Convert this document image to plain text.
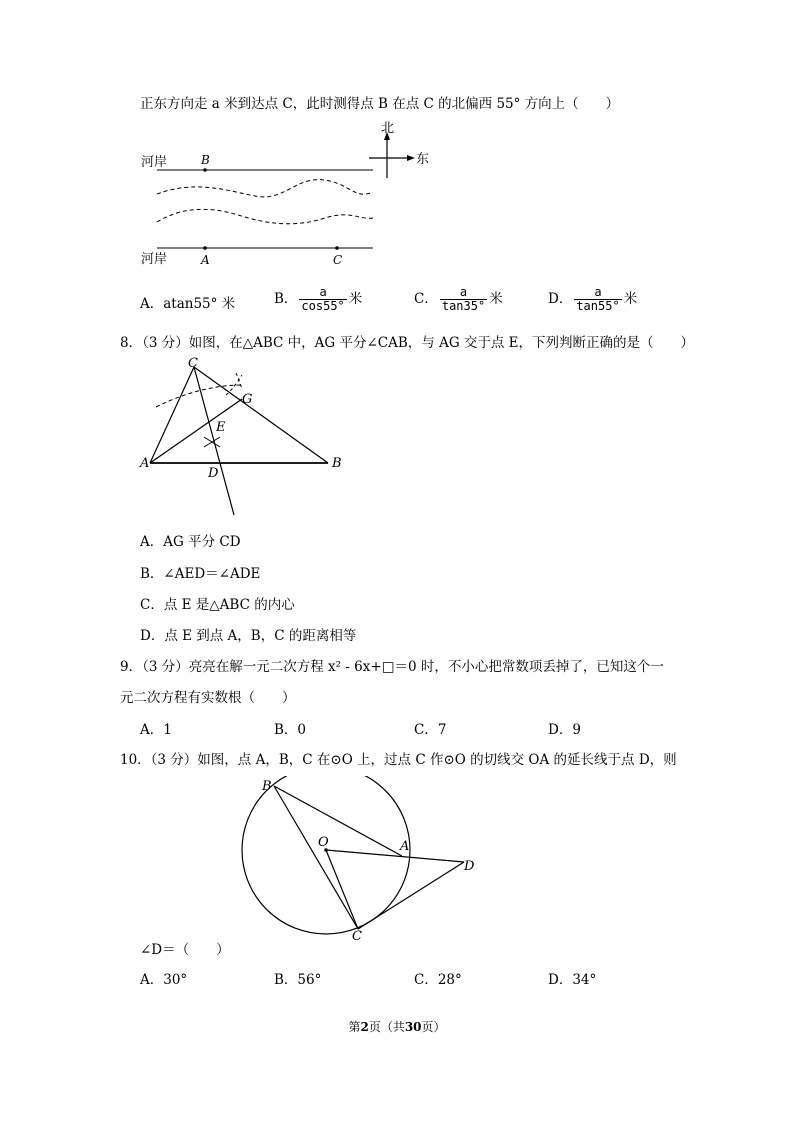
正东方向走 a 米到达点 C，此时测得点 B 在点 C 的北偏西 55° 方向上（　　）
河岸	B
河岸	A	C
北
东
A．atan55° 米	B． $\frac{a}{\cos 55^\circ}$ 米	C． $\frac{a}{\tan 35^\circ}$ 米	D． $\frac{a}{\tan 55^\circ}$ 米
8．（3 分）如图，在△ABC 中，AG 平分∠CAB，与 AG 交于点 E，下列判断正确的是（　　）
C
G
E
A
D
B
A．AG 平分 CD
B．∠AED＝∠ADE
C．点 E 是△ABC 的内心
D．点 E 到点 A，B，C 的距离相等
9．（3 分）亮亮在解一元二次方程 x² - 6x+□＝0 时，不小心把常数项丢掉了，已知这个一
元二次方程有实数根（　　）
A．1	B．0	C．7	D．9
10．（3 分）如图，点 A，B，C 在⊙O 上，过点 C 作⊙O 的切线交 OA 的延长线于点 D，则
B
O	A
D
C
∠D＝（　　）
A．30°	B．56°	C．28°	D．34°
第2页（共30页）
